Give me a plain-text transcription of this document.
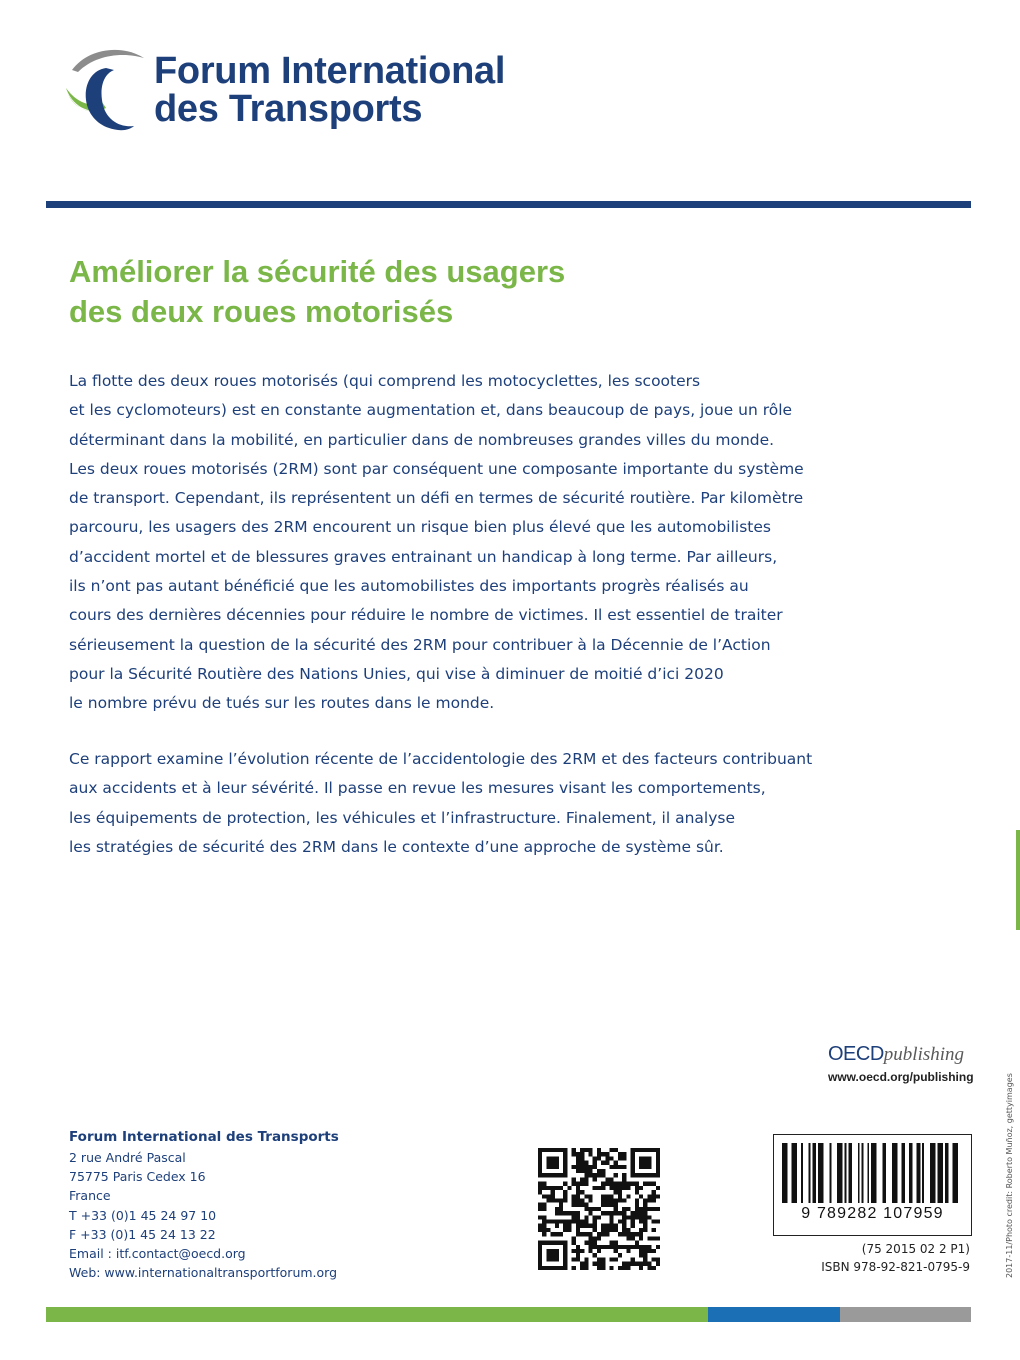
Forum International
des Transports
Améliorer la sécurité des usagers
des deux roues motorisés
La flotte des deux roues motorisés (qui comprend les motocyclettes, les scooters
et les cyclomoteurs) est en constante augmentation et, dans beaucoup de pays, joue un rôle
déterminant dans la mobilité, en particulier dans de nombreuses grandes villes du monde.
Les deux roues motorisés (2RM) sont par conséquent une composante importante du système
de transport. Cependant, ils représentent un défi en termes de sécurité routière. Par kilomètre
parcouru, les usagers des 2RM encourent un risque bien plus élevé que les automobilistes
d’accident mortel et de blessures graves entrainant un handicap à long terme. Par ailleurs,
ils n’ont pas autant bénéficié que les automobilistes des importants progrès réalisés au
cours des dernières décennies pour réduire le nombre de victimes. Il est essentiel de traiter
sérieusement la question de la sécurité des 2RM pour contribuer à la Décennie de l’Action
pour la Sécurité Routière des Nations Unies, qui vise à diminuer de moitié d’ici 2020
le nombre prévu de tués sur les routes dans le monde.
Ce rapport examine l’évolution récente de l’accidentologie des 2RM et des facteurs contribuant
aux accidents et à leur sévérité. Il passe en revue les mesures visant les comportements,
les équipements de protection, les véhicules et l’infrastructure. Finalement, il analyse
les stratégies de sécurité des 2RM dans le contexte d’une approche de système sûr.
OECDpublishing
www.oecd.org/publishing
Forum International des Transports
2 rue André Pascal
75775 Paris Cedex 16
France
T +33 (0)1 45 24 97 10
F +33 (0)1 45 24 13 22
Email : itf.contact@oecd.org
Web: www.internationaltransportforum.org
9 789282 107959
(75 2015 02 2 P1)
ISBN 978-92-821-0795-9	2017-11/Photo credit: Roberto Muñoz, gettyimages
